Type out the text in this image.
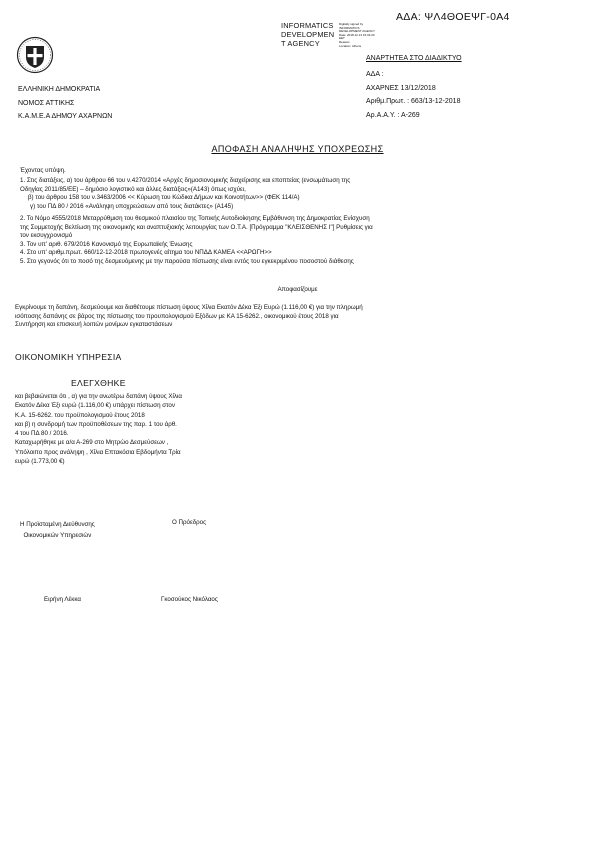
ΑΔΑ: ΨΛ4ΘΟΕΨΓ-0Α4
INFORMATICS
DEVELOPMEN
T AGENCY
Digitally signed by
INFORMATICS
DEVELOPMENT AGENCY
Date: 2018.12.13 15:34:20
EET
Reason:
Location: Athens
ΕΛΛΗΝΙΚΗ ΔΗΜΟΚΡΑΤΙΑ
ΝΟΜΟΣ ΑΤΤΙΚΗΣ
Κ.Α.Μ.Ε.Α ΔΗΜΟΥ ΑΧΑΡΝΩΝ
ΑΝΑΡΤΗΤΕΑ ΣΤΟ ΔΙΑΔΙΚΤΥΟ
ΑΔΑ :
ΑΧΑΡΝΕΣ 13/12/2018
Αριθμ.Πρωτ. : 663/13-12-2018
Αρ.Α.Α.Υ. : Α-269
ΑΠΟΦΑΣΗ ΑΝΑΛΗΨΗΣ ΥΠΟΧΡΕΩΣΗΣ
Έχοντας υπόψη.
1. Στις διατάξεις, α) του άρθρου 66 του ν.4270/2014 «Αρχές δημοσιονομικής διαχείρισης και εποπτείας (ενσωμάτωση της
Οδηγίας 2011/85/ΕΕ) – δημόσιο λογιστικό και άλλες διατάξεις»(Α143) όπως ισχύει,
β) του άρθρου 158 του ν.3463/2006 << Κύρωση του Κώδικα Δήμων και Κοινοτήτων>> (ΦΕΚ 114/Α)
γ) του ΠΔ 80 / 2016 «Ανάληψη υποχρεώσεων από τους διατάκτες» (Α145)
2. Το Νόμο 4555/2018 Μεταρρύθμιση του θεσμικού πλαισίου της Τοπικής Αυτοδιοίκησης Εμβάθυνση της Δημοκρατίας Ενίσχυση
της Συμμετοχής Βελτίωση της οικονομικής και αναπτυξιακής λειτουργίας των Ο.Τ.Α. [Πρόγραμμα "ΚΛΕΙΣΘΕΝΗΣ Ι"] Ρυθμίσεις για
τον εκσυγχρονισμό
3. Τον υπ' αριθ. 679/2016 Κανονισμό της Ευρωπαϊκής Ένωσης
4. Στο υπ' αριθμ.πρωτ. 660/12-12-2018 πρωτογενές αίτημα του ΝΠΔΔ ΚΑΜΕΑ <<ΑΡΩΓΗ>>
5. Στο γεγονός ότι το ποσό της δεσμευόμενης με την παρούσα πίστωσης είναι εντός του εγκεκριμένου ποσοστού διάθεσης
Αποφασίζουμε
Εγκρίνουμε τη δαπάνη, δεσμεύουμε και διαθέτουμε πίστωση ύψους Χίλια Εκατόν Δέκα Έξι Ευρώ (1.116,00 €) για την πληρωμή
ισόποσης δαπάνης σε βάρος της πίστωσης του προυπολογισμού Εξόδων με ΚΑ 15-6262., οικονομικού έτους 2018 για
Συντήρηση και επισκευή λοιπών μονίμων εγκαταστάσεων
ΟΙΚΟΝΟΜΙΚΗ ΥΠΗΡΕΣΙΑ
ΕΛΕΓΧΘΗΚΕ
και βεβαιώνεται ότι , α) για την ανωτέρω δαπάνη ύψους Χίλια
Εκατόν Δέκα Έξι ευρώ (1.116,00 €) υπάρχει πίστωση στον
Κ.Α. 15-6262. του προϋπολογισμού έτους 2018
και β) η συνδρομή των προϋποθέσεων της παρ. 1 του άρθ.
4 του ΠΔ 80 / 2016.
Καταχωρήθηκε με α/α Α-269 στο Μητρώο Δεσμεύσεων ,
Υπόλοιπο προς ανάληψη , Χίλια Επτακόσια Εβδομήντα Τρία
ευρώ (1.773,00 €)
Η Προϊσταμένη Διεύθυνσης
Οικονομικών Υπηρεσιών
Ο Πρόεδρος
Ειρήνη Λέκκα	Γκοσούκος Νικόλαος
